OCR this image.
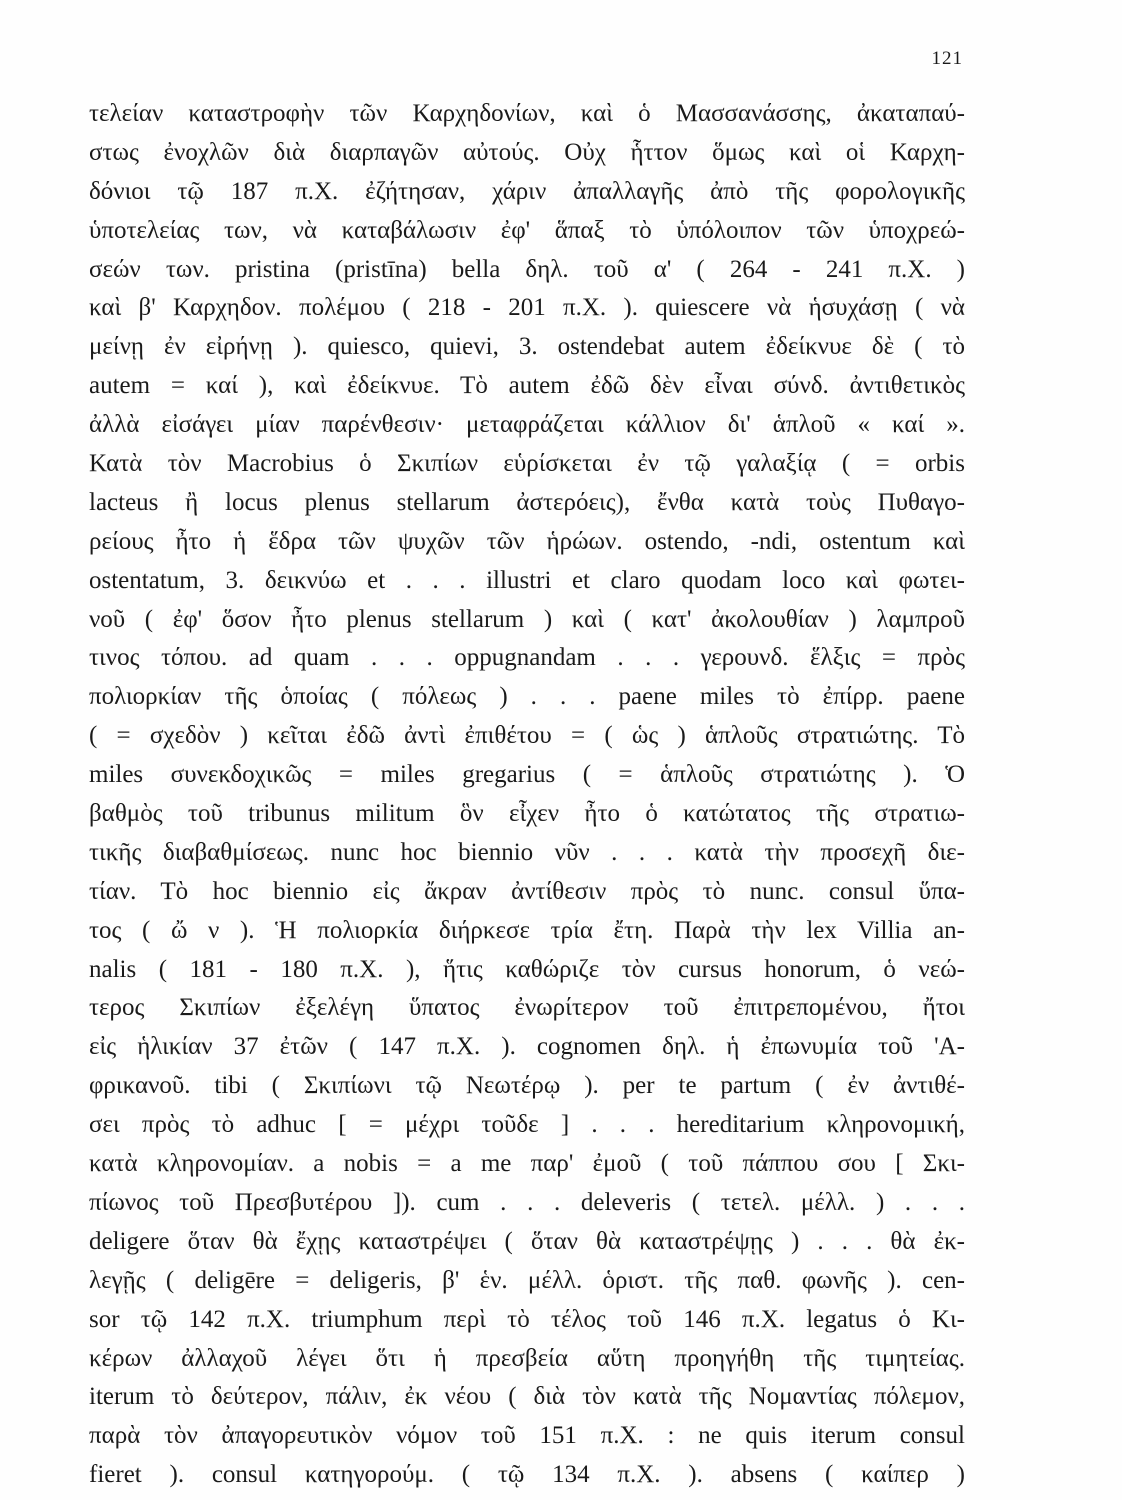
121
τελείαν καταστροφὴν τῶν Καρχηδονίων, καὶ ὁ Μασσανάσσης, ἀκαταπαύ-
στως ἐνοχλῶν διὰ διαρπαγῶν αὐτούς. Οὐχ ἧττον ὅμως καὶ οἱ Καρχη-
δόνιοι τῷ 187 π.Χ. ἐζήτησαν, χάριν ἀπαλλαγῆς ἀπὸ τῆς φορολογικῆς
ὑποτελείας των, νὰ καταβάλωσιν ἐφ' ἅπαξ τὸ ὑπόλοιπον τῶν ὑποχρεώ-
σεών των. pristina (pristīna) bella δηλ. τοῦ α' ( 264 - 241 π.Χ. )
καὶ β' Καρχηδον. πολέμου ( 218 - 201 π.Χ. ). quiescere νὰ ἡσυχάσῃ ( νὰ
μείνῃ ἐν εἰρήνῃ ). quiesco, quievi, 3. ostendebat autem ἐδείκνυε δὲ ( τὸ
autem = καί ), καὶ ἐδείκνυε. Τὸ autem ἐδῶ δὲν εἶναι σύνδ. ἀντιθετικὸς
ἀλλὰ εἰσάγει μίαν παρένθεσιν· μεταφράζεται κάλλιον δι' ἁπλοῦ « καί ».
Κατὰ τὸν Macrobius ὁ Σκιπίων εὑρίσκεται ἐν τῷ γαλαξίᾳ ( = orbis
lacteus ἢ locus plenus stellarum ἀστερόεις), ἔνθα κατὰ τοὺς Πυθαγο-
ρείους ἦτο ἡ ἕδρα τῶν ψυχῶν τῶν ἡρώων. ostendo, -ndi, ostentum καὶ
ostentatum, 3. δεικνύω et . . . illustri et claro quodam loco καὶ φωτει-
νοῦ ( ἐφ' ὅσον ἦτο plenus stellarum ) καὶ ( κατ' ἀκολουθίαν ) λαμπροῦ
τινος τόπου. ad quam . . . oppugnandam . . . γερουνδ. ἕλξις = πρὸς
πολιορκίαν τῆς ὁποίας ( πόλεως ) . . . paene miles τὸ ἐπίρρ. paene
( = σχεδὸν ) κεῖται ἐδῶ ἀντὶ ἐπιθέτου = ( ὡς ) ἁπλοῦς στρατιώτης. Τὸ
miles συνεκδοχικῶς = miles gregarius ( = ἁπλοῦς στρατιώτης ). Ὁ
βαθμὸς τοῦ tribunus militum ὃν εἶχεν ἦτο ὁ κατώτατος τῆς στρατιω-
τικῆς διαβαθμίσεως. nunc hoc biennio νῦν . . . κατὰ τὴν προσεχῆ διε-
τίαν. Τὸ hoc biennio εἰς ἄκραν ἀντίθεσιν πρὸς τὸ nunc. consul ὕπα-
τος ( ὤ ν ). Ἡ πολιορκία διήρκεσε τρία ἔτη. Παρὰ τὴν lex Villia an-
nalis ( 181 - 180 π.Χ. ), ἥτις καθώριζε τὸν cursus honorum, ὁ νεώ-
τερος Σκιπίων ἐξελέγη ὕπατος ἐνωρίτερον τοῦ ἐπιτρεπομένου, ἤτοι
εἰς ἡλικίαν 37 ἐτῶν ( 147 π.Χ. ). cognomen δηλ. ἡ ἐπωνυμία τοῦ 'Α-
φρικανοῦ. tibi ( Σκιπίωνι τῷ Νεωτέρῳ ). per te partum ( ἐν ἀντιθέ-
σει πρὸς τὸ adhuc [ = μέχρι τοῦδε ] . . . hereditarium κληρονομική,
κατὰ κληρονομίαν. a nobis = a me παρ' ἐμοῦ ( τοῦ πάππου σου [ Σκι-
πίωνος τοῦ Πρεσβυτέρου ]). cum . . . deleveris ( τετελ. μέλλ. ) . . .
deligere ὅταν θὰ ἔχῃς καταστρέψει ( ὅταν θὰ καταστρέψῃς ) . . . θὰ ἐκ-
λεγῇς ( deligēre = deligeris, β' ἑν. μέλλ. ὁριστ. τῆς παθ. φωνῆς ). cen-
sor τῷ 142 π.Χ. triumphum περὶ τὸ τέλος τοῦ 146 π.Χ. legatus ὁ Κι-
κέρων ἀλλαχοῦ λέγει ὅτι ἡ πρεσβεία αὕτη προηγήθη τῆς τιμητείας.
iterum τὸ δεύτερον, πάλιν, ἐκ νέου ( διὰ τὸν κατὰ τῆς Νομαντίας πόλεμον,
παρὰ τὸν ἀπαγορευτικὸν νόμον τοῦ 151 π.Χ. : ne quis iterum consul
fieret ). consul κατηγορούμ. ( τῷ 134 π.Χ. ). absens ( καίπερ )
